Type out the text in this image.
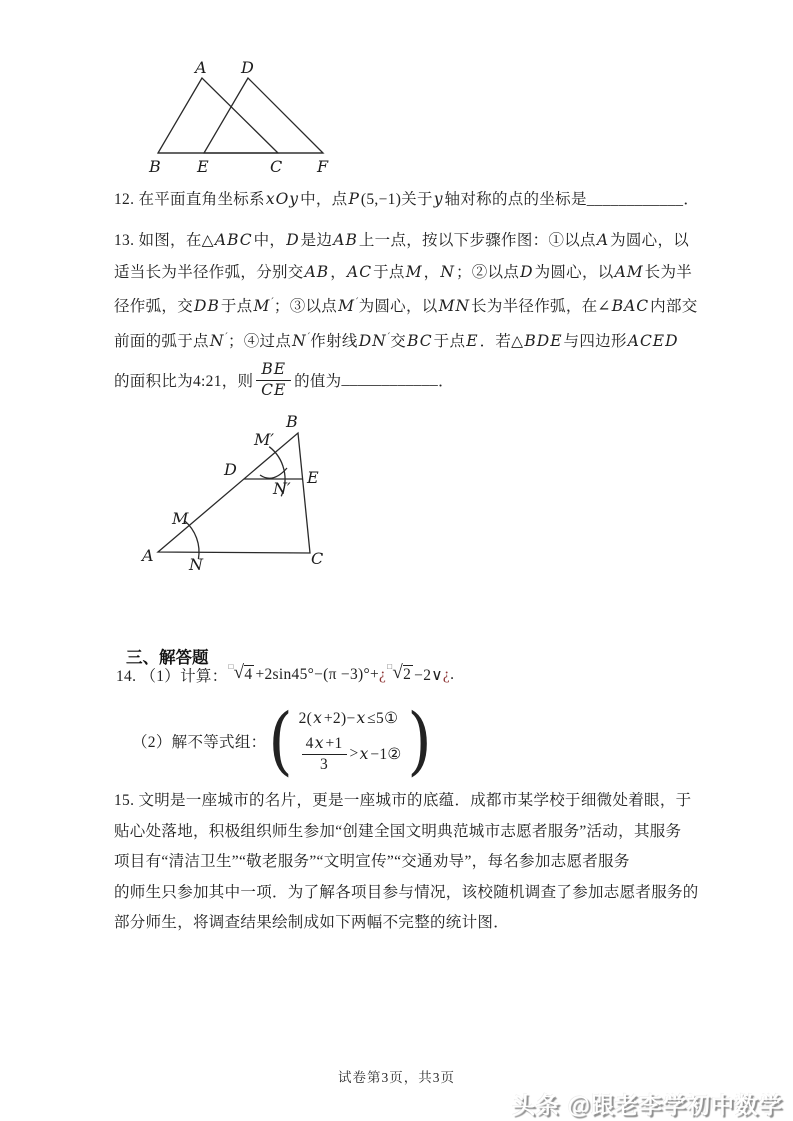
A D
B E	C F
12. 在平面直角坐标系xOy中，点P(5,−1)关于y轴对称的点的坐标是____________．
13. 如图，在△ABC中，D是边AB上一点，按以下步骤作图：①以点A为圆心，以
适当长为半径作弧，分别交AB，AC于点M，N；②以点D为圆心，以AM长为半
径作弧，交DB于点M′；③以点M′为圆心，以MN长为半径作弧，在∠BAC内部交
前面的弧于点N′；④过点N′作射线DN′交BC于点E．若△BDE与四边形ACED
的面积比为4:21，则 $\frac{BE}{CE}$ 的值为 ____________ ．
B
M′
D	E
N′
M
A N	C
三、解答题
14. （1）计算：
□ √ 4 +2sin45°−(π −3)°+ ¿ □ √ 2 −2∨ ¿ .
（2）解不等式组： ( 2(x+2)−x≤5①
$\frac{4x+1}{3} > x$ −1② )
15. 文明是一座城市的名片，更是一座城市的底蕴．成都市某学校于细微处着眼，于
贴心处落地，积极组织师生参加“创建全国文明典范城市志愿者服务”活动，其服务
项目有“清洁卫生”“敬老服务”“文明宣传”“交通劝导”，每名参加志愿者服务
的师生只参加其中一项．为了解各项目参与情况，该校随机调查了参加志愿者服务的
部分师生，将调查结果绘制成如下两幅不完整的统计图．
试卷第3页，共3页
头条 @跟老李学初中数学
